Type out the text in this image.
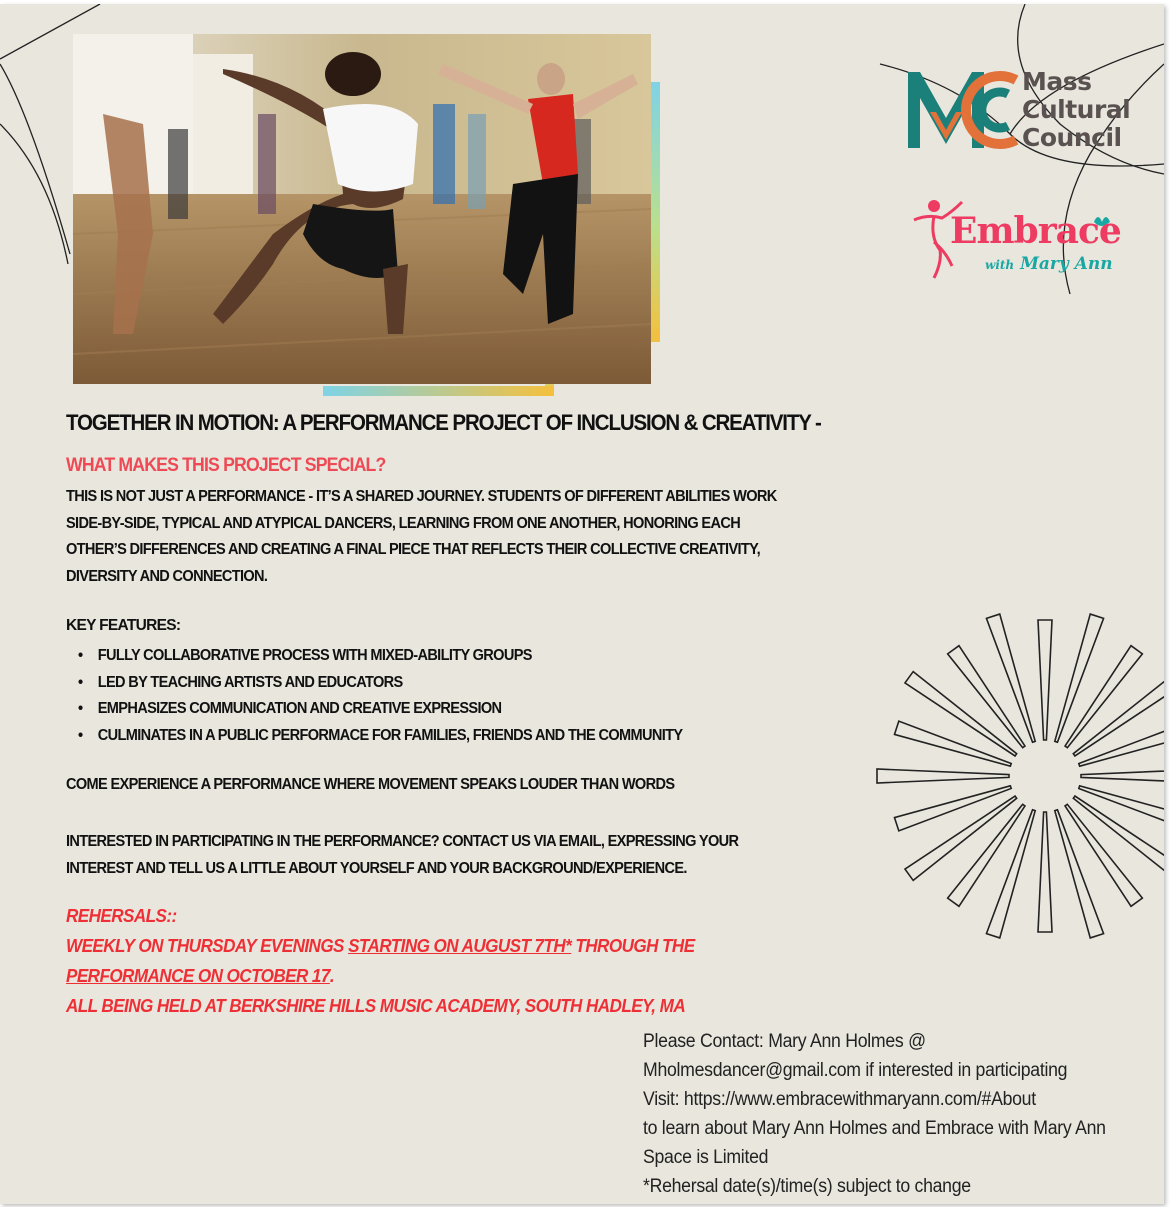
Mass
Cultural
Council
Embrace
with Mary Ann
TOGETHER IN MOTION: A PERFORMANCE PROJECT OF INCLUSION & CREATIVITY -
WHAT MAKES THIS PROJECT SPECIAL?

THIS IS NOT JUST A PERFORMANCE - IT’S A SHARED JOURNEY. STUDENTS OF DIFFERENT ABILITIES WORK

SIDE-BY-SIDE, TYPICAL AND ATYPICAL DANCERS, LEARNING FROM ONE ANOTHER, HONORING EACH

OTHER’S DIFFERENCES AND CREATING A FINAL PIECE THAT REFLECTS THEIR COLLECTIVE CREATIVITY,

DIVERSITY AND CONNECTION.

KEY FEATURES:
• FULLY COLLABORATIVE PROCESS WITH MIXED-ABILITY GROUPS
• LED BY TEACHING ARTISTS AND EDUCATORS
• EMPHASIZES COMMUNICATION AND CREATIVE EXPRESSION
• CULMINATES IN A PUBLIC PERFORMACE FOR FAMILIES, FRIENDS AND THE COMMUNITY
COME EXPERIENCE A PERFORMANCE WHERE MOVEMENT SPEAKS LOUDER THAN WORDS

INTERESTED IN PARTICIPATING IN THE PERFORMANCE? CONTACT US VIA EMAIL, EXPRESSING YOUR

INTEREST AND TELL US A LITTLE ABOUT YOURSELF AND YOUR BACKGROUND/EXPERIENCE.

REHERSALS::
WEEKLY ON THURSDAY EVENINGS STARTING ON AUGUST 7TH* THROUGH THE
PERFORMANCE ON OCTOBER 17.
ALL BEING HELD AT BERKSHIRE HILLS MUSIC ACADEMY, SOUTH HADLEY, MA
Please Contact: Mary Ann Holmes @
Mholmesdancer@gmail.com if interested in participating
Visit: https://www.embracewithmaryann.com/#About
to learn about Mary Ann Holmes and Embrace with Mary Ann
Space is Limited
*Rehersal date(s)/time(s) subject to change
